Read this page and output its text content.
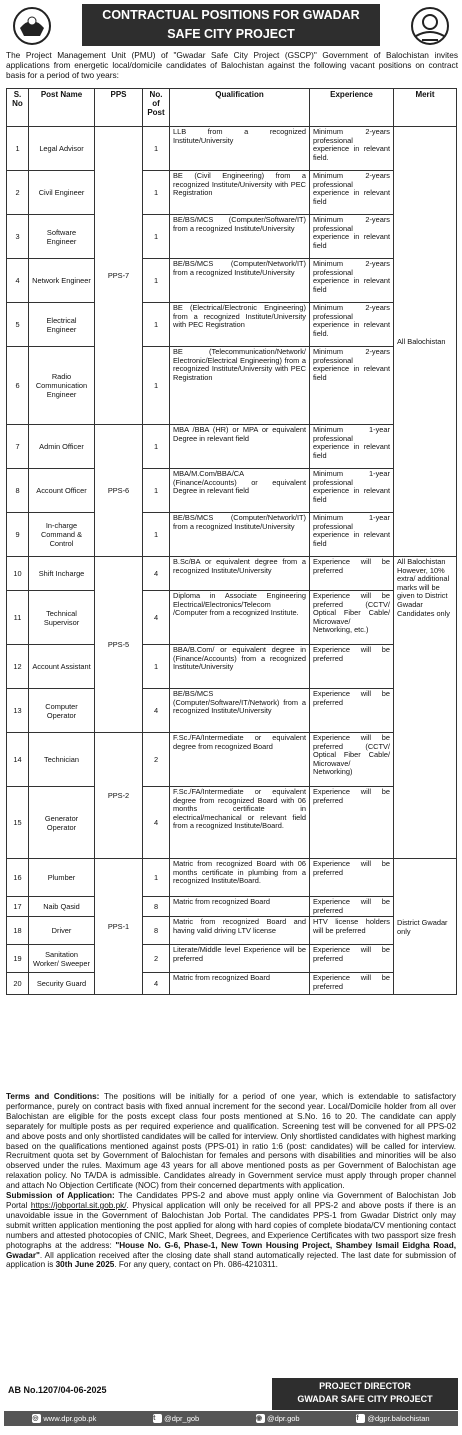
CONTRACTUAL POSITIONS FOR GWADAR
SAFE CITY PROJECT
The Project Management Unit (PMU) of "Gwadar Safe City Project (GSCP)" Government of Balochistan invites applications from energetic local/domicile candidates of Balochistan against the following vacant positions on contract basis for a period of two years:
S. No	Post Name	PPS	No. of Post	Qualification	Experience	Merit
1	Legal Advisor	PPS-7	1	LLB from a recognized Institute/University	Minimum 2-years professional experience in relevant field.	All Balochistan
2	Civil Engineer		1	BE (Civil Engineering) from a recognized Institute/University with PEC Registration	Minimum 2-years professional experience in relevant field	
3	Software Engineer		1	BE/BS/MCS (Computer/Software/IT) from a recognized Institute/University	Minimum 2-years professional experience in relevant field	
4	Network Engineer		1	BE/BS/MCS (Computer/Network/IT) from a recognized Institute/University	Minimum 2-years professional experience in relevant field	
5	Electrical Engineer		1	BE (Electrical/Electronic Engineering) from a recognized Institute/University with PEC Registration	Minimum 2-years professional experience in relevant field.	
6	Radio Communication Engineer		1	BE (Telecommunication/Network/ Electronic/Electrical Engineering) from a recognized Institute/University with PEC Registration	Minimum 2-years professional experience in relevant field	
7	Admin Officer	PPS-6	1	MBA /BBA (HR) or MPA or equivalent Degree in relevant field	Minimum 1-year professional experience in relevant field	
8	Account Officer		1	MBA/M.Com/BBA/CA (Finance/Accounts) or equivalent Degree in relevant field	Minimum 1-year professional experience in relevant field	
9	In-charge Command & Control		1	BE/BS/MCS (Computer/Network/IT) from a recognized Institute/University	Minimum 1-year professional experience in relevant field	
10	Shift Incharge	PPS-5	4	B.Sc/BA or equivalent degree from a recognized Institute/University	Experience will be preferred	All Balochistan However, 10% extra/ additional marks will be given to District Gwadar Candidates only
11	Technical Supervisor		4	Diploma in Associate Engineering Electrical/Electronics/Telecom /Computer from a recognized Institute.	Experience will be preferred (CCTV/ Optical Fiber Cable/ Microwave/ Networking, etc.)	
12	Account Assistant		1	BBA/B.Com/ or equivalent degree in (Finance/Accounts) from a recognized Institute/University	Experience will be preferred	
13	Computer Operator		4	BE/BS/MCS (Computer/Software/IT/Network) from a recognized Institute/University	Experience will be preferred	
14	Technician	PPS-2	2	F.Sc./FA/Intermediate or equivalent degree from recognized Board	Experience will be preferred (CCTV/ Optical Fiber Cable/ Microwave/ Networking)	
15	Generator Operator		4	F.Sc./FA/Intermediate or equivalent degree from recognized Board with 06 months certificate in electrical/mechanical or relevant field from a recognized Institute/Board.	Experience will be preferred	
16	Plumber	PPS-1	1	Matric from recognized Board with 06 months certificate in plumbing from a recognized Institute/Board.	Experience will be preferred	District Gwadar only
17	Naib Qasid		8	Matric from recognized Board	Experience will be preferred	
18	Driver		8	Matric from recognized Board and having valid driving LTV license	HTV license holders will be preferred	
19	Sanitation Worker/ Sweeper		2	Literate/Middle level Experience will be preferred	Experience will be preferred	
20	Security Guard		4	Matric from recognized Board	Experience will be preferred	

Terms and Conditions: The positions will be initially for a period of one year, which is extendable to satisfactory performance, purely on contract basis with fixed annual increment for the second year. Local/Domicile holder from all over Balochistan are eligible for the posts except class four posts mentioned at S.No. 16 to 20. The candidate can apply separately for multiple posts as per required experience and qualification. Screening test will be convened for all PPS-02 and above posts and only shortlisted candidates will be called for interview. Only shortlisted candidates with highest marking based on the qualifications mentioned against posts (PPS-01) in ratio 1:6 (post: candidates) will be called for interview. Recruitment quota set by Government of Balochistan for females and persons with disabilities and minorities will be also observed under the rules. Maximum age 43 years for all above mentioned posts as per Government of Balochistan age relaxation policy. No TA/DA is admissible. Candidates already in Government service must apply through proper channel and attach No Objection Certificate (NOC) from their concerned departments with application.

Submission of Application: The Candidates PPS-2 and above must apply online via Government of Balochistan Job Portal https://jobportal.sit.gob.pk/. Physical application will only be received for all PPS-2 and above posts if there is an unavoidable issue in the Government of Balochistan Job Portal. The candidates PPS-1 from Gwadar District only may submit written application mentioning the post applied for along with hard copies of complete biodata/CV mentioning contact numbers and attested photocopies of CNIC, Mark Sheet, Degrees, and Experience Certificates with two passport size fresh photographs at the address: "House No. G-6, Phase-1, New Town Housing Project, Shambey Ismail Eidgha Road, Gwadar". All application received after the closing date shall stand automatically rejected. The last date for submission of application is 30th June 2025. For any query, contact on Ph. 086-4210311.

AB No.1207/04-06-2025	PROJECT DIRECTOR
GWADAR SAFE CITY PROJECT
◎ www.dpr.gob.pk	t	@dpr_gob	◉ @dpr.gob	f	@dgpr.balochistan
